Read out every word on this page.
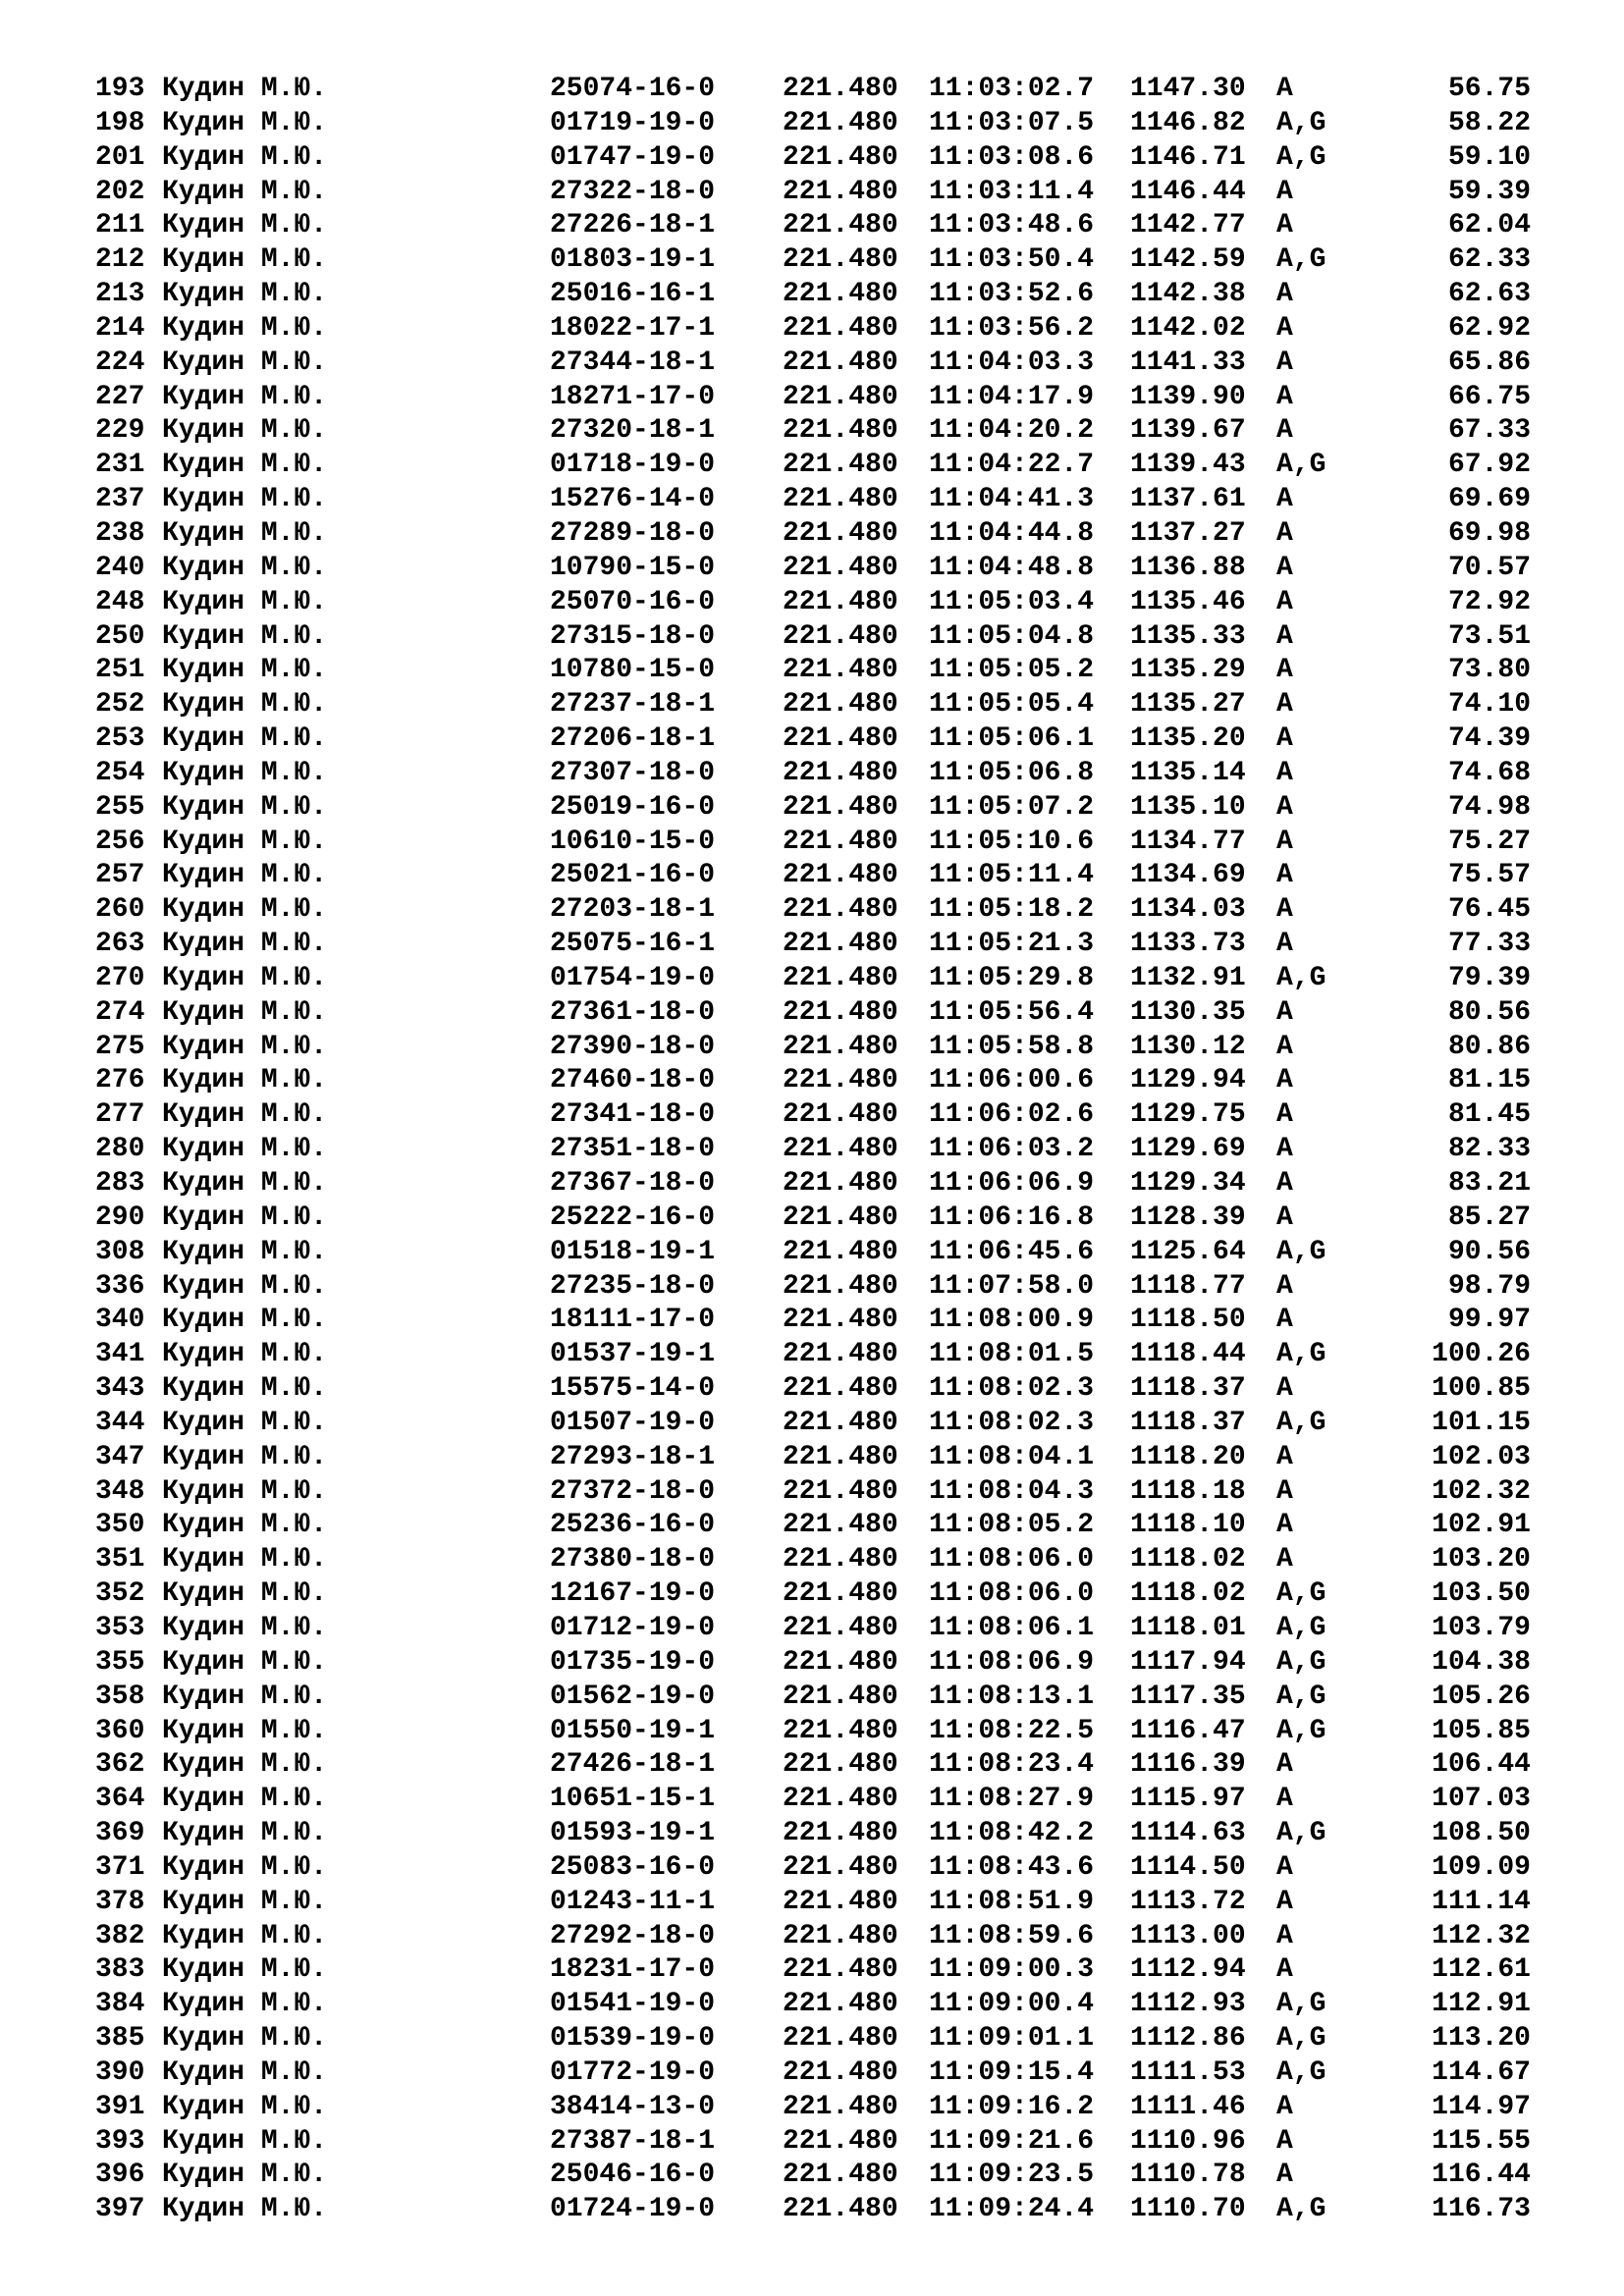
193 Кудин М.Ю.	25074-16-0 221.480 11:03:02.7 1147.30 A	56.75
198 Кудин М.Ю.	01719-19-0 221.480 11:03:07.5 1146.82 A,G	58.22
201 Кудин М.Ю.	01747-19-0 221.480 11:03:08.6 1146.71 A,G	59.10
202 Кудин М.Ю.	27322-18-0 221.480 11:03:11.4 1146.44 A	59.39
211 Кудин М.Ю.	27226-18-1 221.480 11:03:48.6 1142.77 A	62.04
212 Кудин М.Ю.	01803-19-1 221.480 11:03:50.4 1142.59 A,G	62.33
213 Кудин М.Ю.	25016-16-1 221.480 11:03:52.6 1142.38 A	62.63
214 Кудин М.Ю.	18022-17-1 221.480 11:03:56.2 1142.02 A	62.92
224 Кудин М.Ю.	27344-18-1 221.480 11:04:03.3 1141.33 A	65.86
227 Кудин М.Ю.	18271-17-0 221.480 11:04:17.9 1139.90 A	66.75
229 Кудин М.Ю.	27320-18-1 221.480 11:04:20.2 1139.67 A	67.33
231 Кудин М.Ю.	01718-19-0 221.480 11:04:22.7 1139.43 A,G	67.92
237 Кудин М.Ю.	15276-14-0 221.480 11:04:41.3 1137.61 A	69.69
238 Кудин М.Ю.	27289-18-0 221.480 11:04:44.8 1137.27 A	69.98
240 Кудин М.Ю.	10790-15-0 221.480 11:04:48.8 1136.88 A	70.57
248 Кудин М.Ю.	25070-16-0 221.480 11:05:03.4 1135.46 A	72.92
250 Кудин М.Ю.	27315-18-0 221.480 11:05:04.8 1135.33 A	73.51
251 Кудин М.Ю.	10780-15-0 221.480 11:05:05.2 1135.29 A	73.80
252 Кудин М.Ю.	27237-18-1 221.480 11:05:05.4 1135.27 A	74.10
253 Кудин М.Ю.	27206-18-1 221.480 11:05:06.1 1135.20 A	74.39
254 Кудин М.Ю.	27307-18-0 221.480 11:05:06.8 1135.14 A	74.68
255 Кудин М.Ю.	25019-16-0 221.480 11:05:07.2 1135.10 A	74.98
256 Кудин М.Ю.	10610-15-0 221.480 11:05:10.6 1134.77 A	75.27
257 Кудин М.Ю.	25021-16-0 221.480 11:05:11.4 1134.69 A	75.57
260 Кудин М.Ю.	27203-18-1 221.480 11:05:18.2 1134.03 A	76.45
263 Кудин М.Ю.	25075-16-1 221.480 11:05:21.3 1133.73 A	77.33
270 Кудин М.Ю.	01754-19-0 221.480 11:05:29.8 1132.91 A,G	79.39
274 Кудин М.Ю.	27361-18-0 221.480 11:05:56.4 1130.35 A	80.56
275 Кудин М.Ю.	27390-18-0 221.480 11:05:58.8 1130.12 A	80.86
276 Кудин М.Ю.	27460-18-0 221.480 11:06:00.6 1129.94 A	81.15
277 Кудин М.Ю.	27341-18-0 221.480 11:06:02.6 1129.75 A	81.45
280 Кудин М.Ю.	27351-18-0 221.480 11:06:03.2 1129.69 A	82.33
283 Кудин М.Ю.	27367-18-0 221.480 11:06:06.9 1129.34 A	83.21
290 Кудин М.Ю.	25222-16-0 221.480 11:06:16.8 1128.39 A	85.27
308 Кудин М.Ю.	01518-19-1 221.480 11:06:45.6 1125.64 A,G	90.56
336 Кудин М.Ю.	27235-18-0 221.480 11:07:58.0 1118.77 A	98.79
340 Кудин М.Ю.	18111-17-0 221.480 11:08:00.9 1118.50 A	99.97
341 Кудин М.Ю.	01537-19-1 221.480 11:08:01.5 1118.44 A,G	100.26
343 Кудин М.Ю.	15575-14-0 221.480 11:08:02.3 1118.37 A	100.85
344 Кудин М.Ю.	01507-19-0 221.480 11:08:02.3 1118.37 A,G	101.15
347 Кудин М.Ю.	27293-18-1 221.480 11:08:04.1 1118.20 A	102.03
348 Кудин М.Ю.	27372-18-0 221.480 11:08:04.3 1118.18 A	102.32
350 Кудин М.Ю.	25236-16-0 221.480 11:08:05.2 1118.10 A	102.91
351 Кудин М.Ю.	27380-18-0 221.480 11:08:06.0 1118.02 A	103.20
352 Кудин М.Ю.	12167-19-0 221.480 11:08:06.0 1118.02 A,G	103.50
353 Кудин М.Ю.	01712-19-0 221.480 11:08:06.1 1118.01 A,G	103.79
355 Кудин М.Ю.	01735-19-0 221.480 11:08:06.9 1117.94 A,G	104.38
358 Кудин М.Ю.	01562-19-0 221.480 11:08:13.1 1117.35 A,G	105.26
360 Кудин М.Ю.	01550-19-1 221.480 11:08:22.5 1116.47 A,G	105.85
362 Кудин М.Ю.	27426-18-1 221.480 11:08:23.4 1116.39 A	106.44
364 Кудин М.Ю.	10651-15-1 221.480 11:08:27.9 1115.97 A	107.03
369 Кудин М.Ю.	01593-19-1 221.480 11:08:42.2 1114.63 A,G	108.50
371 Кудин М.Ю.	25083-16-0 221.480 11:08:43.6 1114.50 A	109.09
378 Кудин М.Ю.	01243-11-1 221.480 11:08:51.9 1113.72 A	111.14
382 Кудин М.Ю.	27292-18-0 221.480 11:08:59.6 1113.00 A	112.32
383 Кудин М.Ю.	18231-17-0 221.480 11:09:00.3 1112.94 A	112.61
384 Кудин М.Ю.	01541-19-0 221.480 11:09:00.4 1112.93 A,G	112.91
385 Кудин М.Ю.	01539-19-0 221.480 11:09:01.1 1112.86 A,G	113.20
390 Кудин М.Ю.	01772-19-0 221.480 11:09:15.4 1111.53 A,G	114.67
391 Кудин М.Ю.	38414-13-0 221.480 11:09:16.2 1111.46 A	114.97
393 Кудин М.Ю.	27387-18-1 221.480 11:09:21.6 1110.96 A	115.55
396 Кудин М.Ю.	25046-16-0 221.480 11:09:23.5 1110.78 A	116.44
397 Кудин М.Ю.	01724-19-0 221.480 11:09:24.4 1110.70 A,G	116.73
